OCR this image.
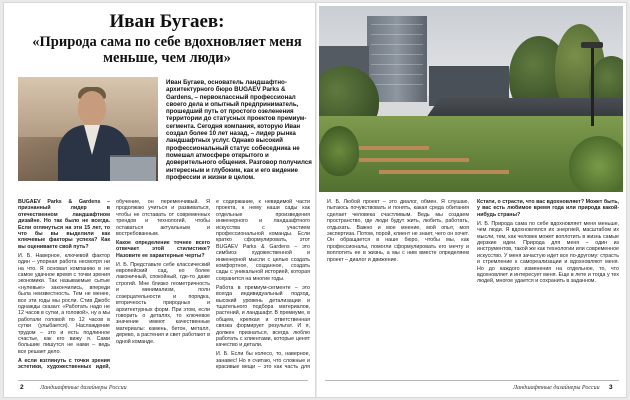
Иван Бугаев:
«Природа сама по себе вдохновляет меня меньше, чем люди»

Иван Бугаев, основатель ландшафтно-архитектурного бюро BUGAEV Parks & Gardens, – первоклассный профессионал своего дела и опытный предприниматель, прошедший путь от простого озеленения территории до статусных проектов премиум-сегмента. Сегодня компания, которую Иван создал более 10 лет назад, – лидер рынка ландшафтных услуг. Однако высокий профессиональный статус собеседника не помешал атмосфере открытого и доверительного общения. Разговор получился интересным и глубоким, как и его видение профессии и жизни в целом.

BUGAEV Parks & Gardens – признанный лидер в отечественном ландшафтном дизайне. Но так было не всегда. Если оглянуться на эти 15 лет, то что бы вы выделили как ключевые факторы успеха? Как вы оцениваете свой путь?

И. Б. Наверное, ключевой фактор один – упорная работа несмотря ни на что. Я основал компанию в не самое удачное время с точки зрения экономики. Так называемые сытые «нулевые» закончились, впереди была неизвестность. Тем не менее, все эти годы мы росли. Стив Джобс однажды сказал: «Работать надо не 12 часов в сутки, а головой», ну а мы работали головой по 12 часов в сутки (улыбается). Наслаждение трудом – это и есть подлинное счастье, как его вижу я. Сами большие пишутся не нами – ведь все решает дело.

А если взглянуть с точки зрения эстетики, художественных идей,

обучение, он переменчивый. Я продолжаю учиться и развиваться, чтобы не отставать от современных трендов и технологий, чтобы оставаться актуальным и востребованным.

Какое определение точнее всего отвечает этой стилистике? Назовите ее характерные черты?

И. Б. Представьте себе классический европейский сад, но более лаконичный, спокойный, где-то даже строгий. Мне близко геометричность и минимализм, полн созерцательности и порядка, вторичность природных и архитектурных форм. При этом, если говорить о деталях, то ключевое значение имеют качественные материалы: камень, бетон, металл, дерево, а растения и свет работают в одной команде.

е содержание, к невидимой части проекта, к нему наши сады как отдельные произведения инженерного и ландшафтного искусства с участием профессиональной команды. Если кратко сформулировать, этот BUGAEV Parks & Gardens – это симбиоз художественной и инженерной мысли с целью создать комфортное, созданное, создать сады с уникальной историей, которая сохранится на многие годы.

Работа в премиум-сегменте – это всегда индивидуальный подход, высокий уровень детализации и тщательного подбора материалов, растений, и ландшафт. В премиуме, в общем, крепкая и ответственная связка формирует результат. И я, должен признаться, всегда люблю работать с клиентами, которые ценят качество и детали.

И. Б. Если бы колесо, то, наверное, занавес! Но я считаю, что сложные и красивые вещи – это как часть для

2	Ландшафтные дизайнеры России

И. Б. Любой проект – это диалог, обмен. Я слушаю, пытаюсь почувствовать и понять, какая среда обитания сделает человека счастливым. Ведь мы создаем пространство, где люди будут жить, любить, работать, отдыхать. Важно и мое мнение, мой опыт, моя экспертиза. Потом, порой, клиент не знает, чего он хочет. Он обращается в наше бюро, чтобы мы, как профессионалы, помогли сформулировать его мечту и воплотить ее в жизнь, а мы с ним вместе определяем проект – диалог и движение.

Кстати, о страсти, что вас вдохновляет? Может быть, у вас есть любимое время года или природа какой-нибудь страны?

И. Б. Природа сама по себе вдохновляет меня меньше, чем люди. Я вдохновлялся их энергией, масштабом их мысли, тем, как человек может воплотить в жизнь самые дерзкие идеи. Природа для меня – один из инструментов, такой же как технологии или современное искусство. У меня зачастую идет все по-другому: страсть и стремление к самореализации и вдохновляют меня. Но до каждого изменения на отдельное, то, что вдохновляет и интересует меня. Еще в лете и тогда у тех людей, многое удается и сохранить в заданном.

Ландшафтные дизайнеры России 3
